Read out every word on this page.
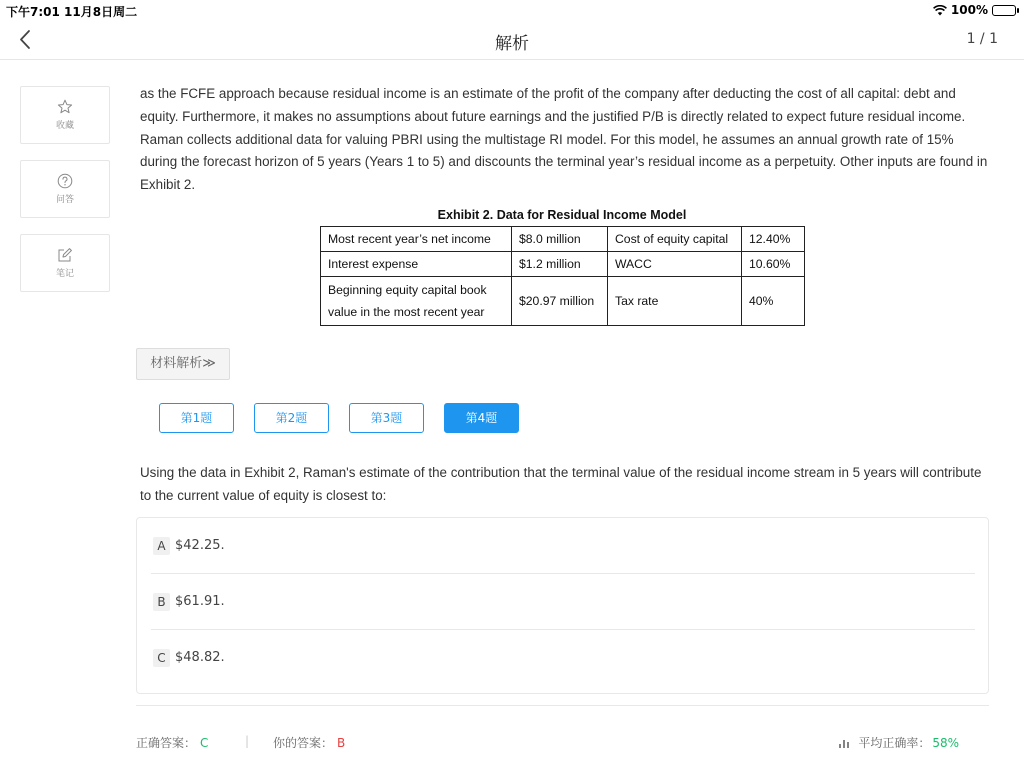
下午7:01 11月8日周二	100%
解析	1 / 1
收藏
问答
笔记
as the FCFE approach because residual income is an estimate of the profit of the company after deducting the cost of all capital: debt and equity. Furthermore, it makes no assumptions about future earnings and the justified P/B is directly related to expect future residual income. Raman collects additional data for valuing PBRI using the multistage RI model. For this model, he assumes an annual growth rate of 15% during the forecast horizon of 5 years (Years 1 to 5) and discounts the terminal year’s residual income as a perpetuity. Other inputs are found in Exhibit 2.
Exhibit 2. Data for Residual Income Model
Most recent year’s net income	$8.0 million	Cost of equity capital	12.40%
Interest expense	$1.2 million	WACC	10.60%
Beginning equity capital book value in the most recent year	$20.97 million	Tax rate	40%
材料解析≫
第1题	第2题	第3题	第4题
Using the data in Exhibit 2, Raman's estimate of the contribution that the terminal value of the residual income stream in 5 years will contribute to the current value of equity is closest to:
A $42.25.
B $61.91.
C $48.82.
正确答案： C	| 你的答案： B	平均正确率： 58%
